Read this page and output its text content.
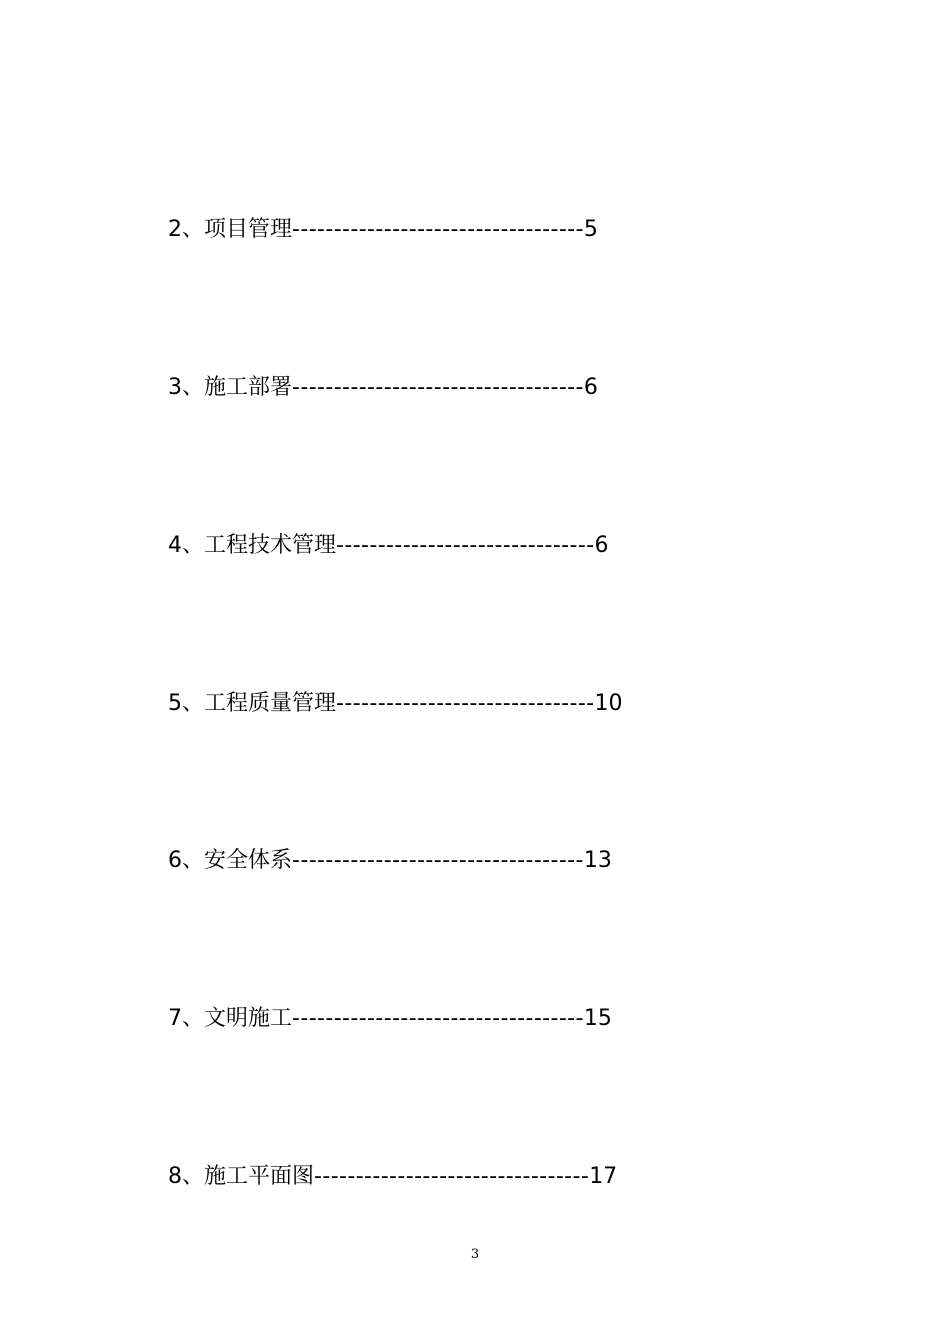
2、项目管理-----------------------------------5
3、施工部署-----------------------------------6
4、工程技术管理-------------------------------6
5、工程质量管理-------------------------------10
6、安全体系-----------------------------------13
7、文明施工-----------------------------------15
8、施工平面图---------------------------------17
3
